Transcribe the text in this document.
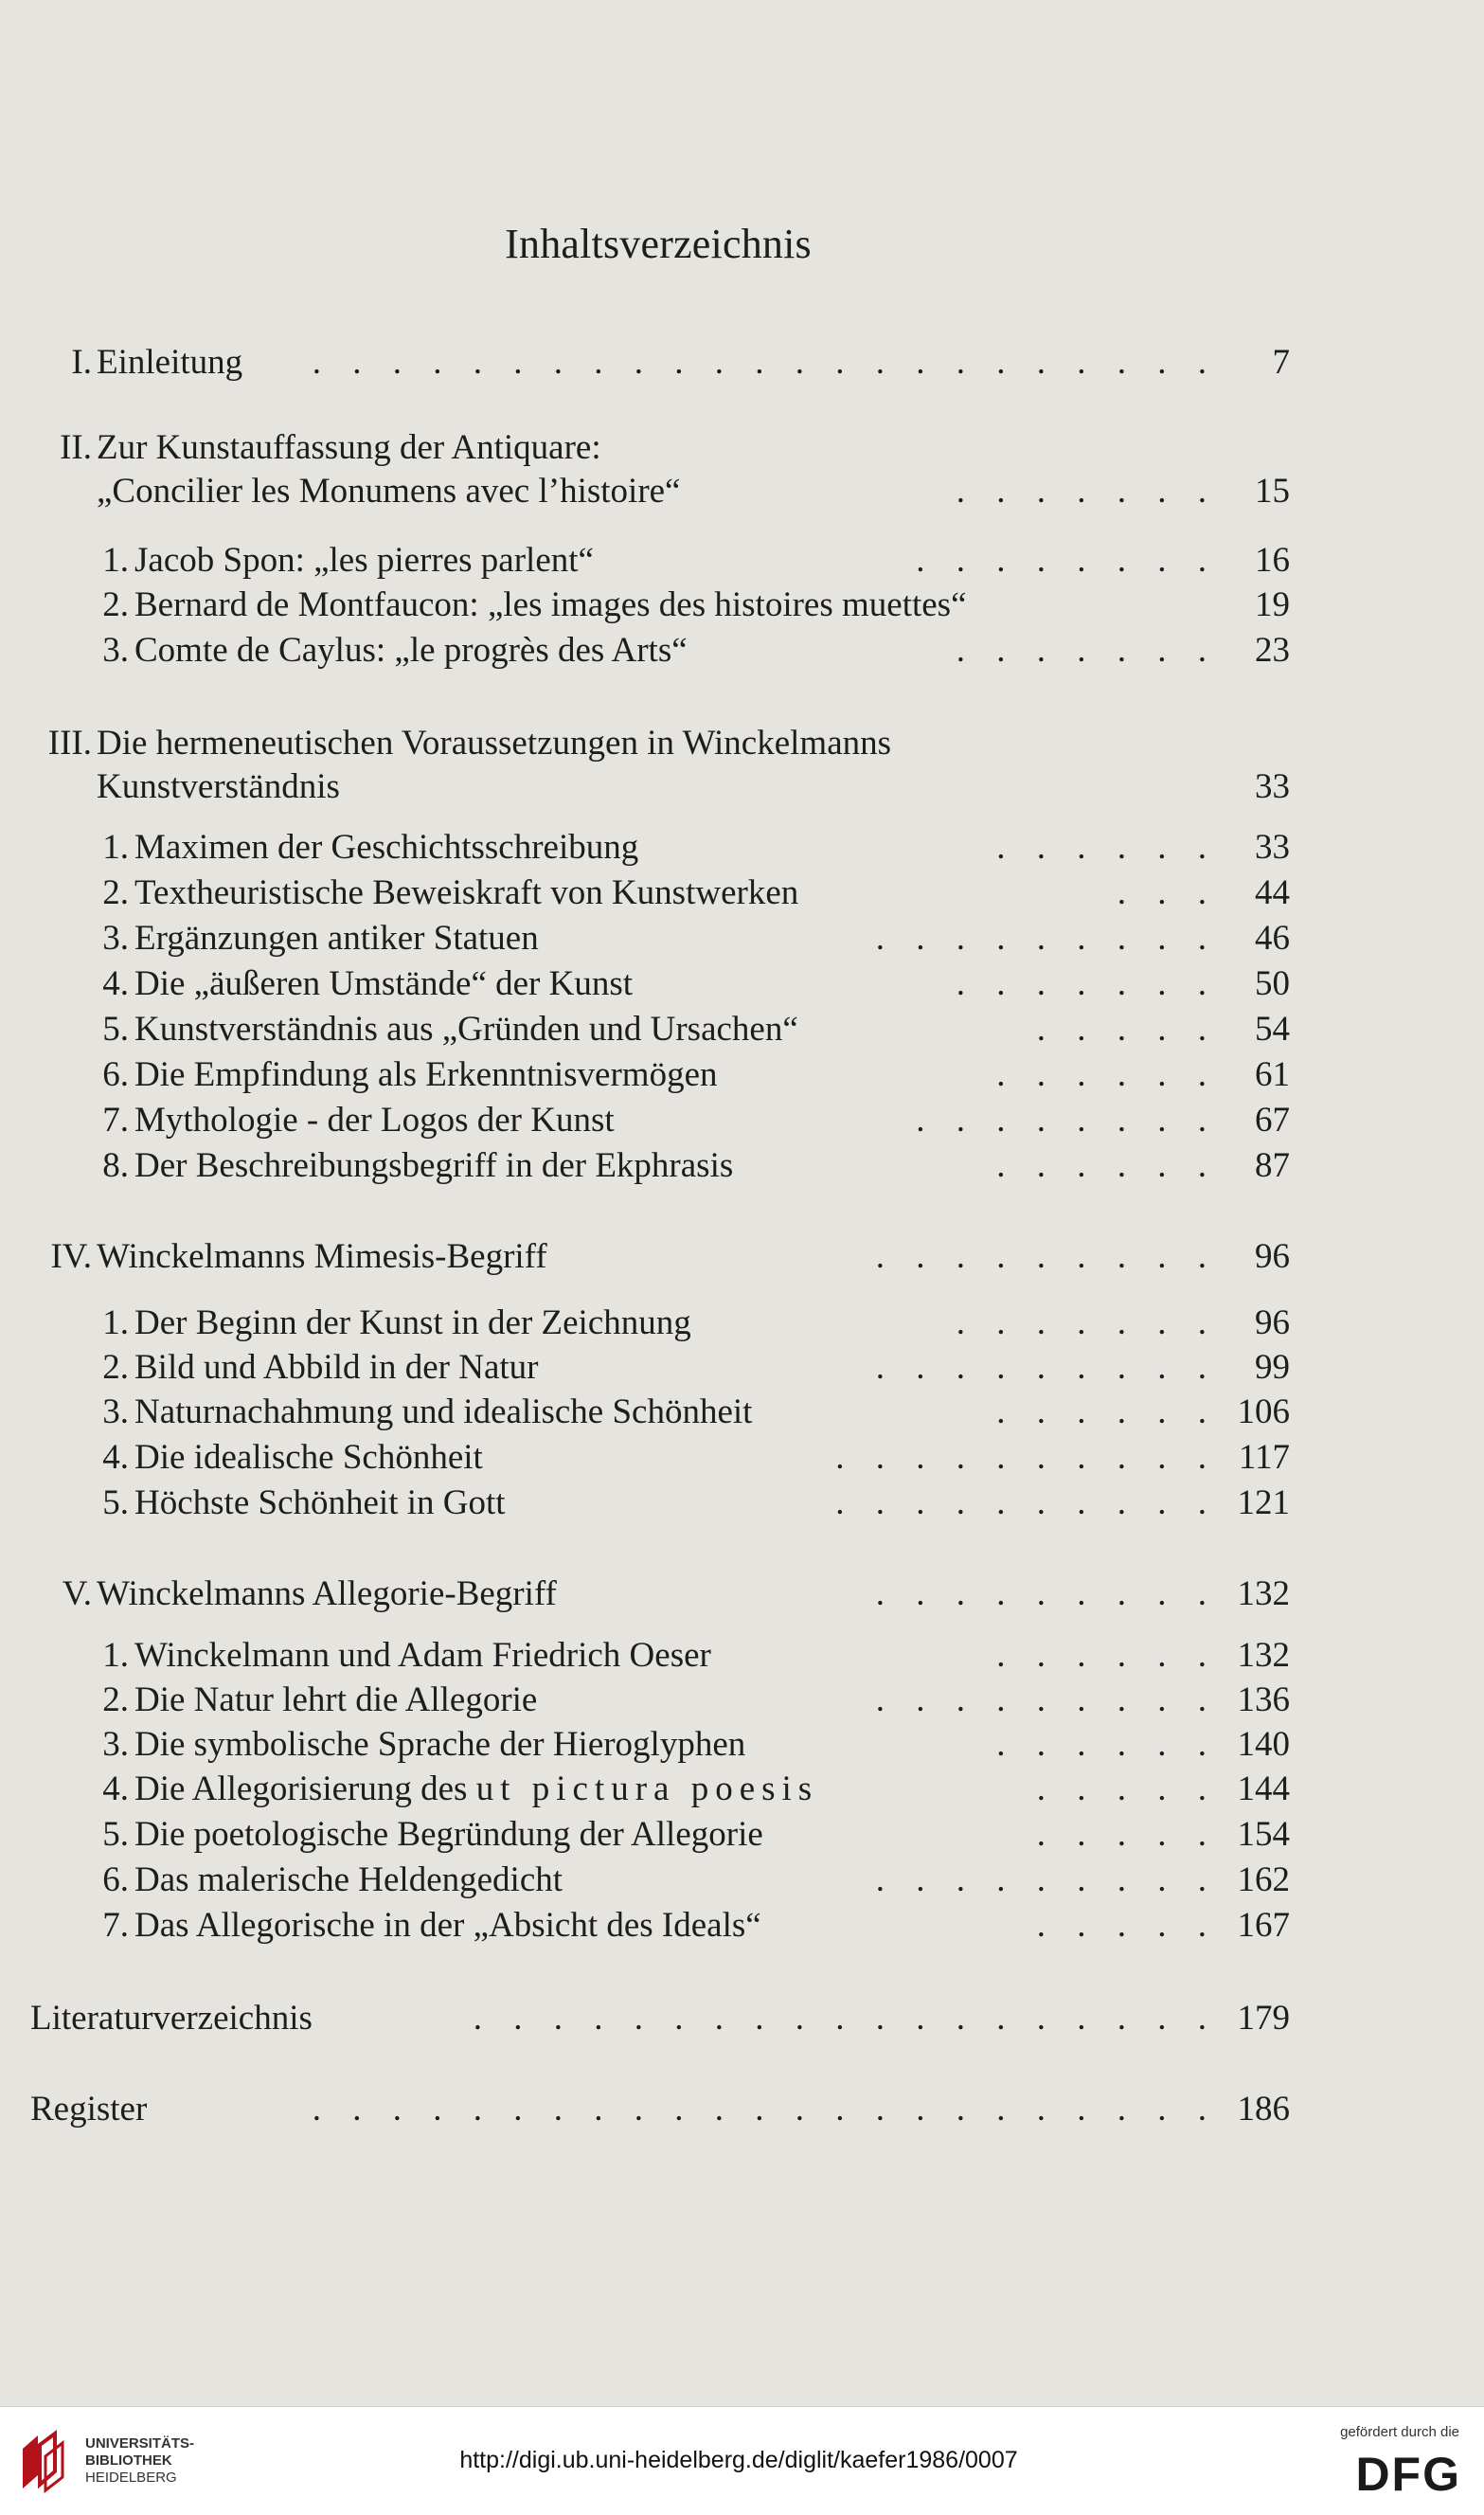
Inhaltsverzeichnis
I. Einleitung . . . . . . . . . . . . . . . . . . . . . . .	7
II. Zur Kunstauffassung der Antiquare:
„Concilier les Monumens avec l’histoire“	. . . . . . .	15
1. Jacob Spon: „les pierres parlent“	. . . . . . . .	16
2. Bernard de Montfaucon: „les images des histoires muettes“	19
3. Comte de Caylus: „le progrès des Arts“	. . . . . . .	23
III. Die hermeneutischen Voraussetzungen in Winckelmanns
Kunstverständnis	33
1. Maximen der Geschichtsschreibung	. . . . . .	33
2. Textheuristische Beweiskraft von Kunstwerken	. . .	44
3. Ergänzungen antiker Statuen	. . . . . . . . .	46
4. Die „äußeren Umstände“ der Kunst	. . . . . . .	50
5. Kunstverständnis aus „Gründen und Ursachen“	. . . . .	54
6. Die Empfindung als Erkenntnisvermögen	. . . . . .	61
7. Mythologie - der Logos der Kunst	. . . . . . . .	67
8. Der Beschreibungsbegriff in der Ekphrasis	. . . . . .	87
IV. Winckelmanns Mimesis-Begriff	. . . . . . . . .	96
1. Der Beginn der Kunst in der Zeichnung	. . . . . . .	96
2. Bild und Abbild in der Natur	. . . . . . . . .	99
3. Naturnachahmung und idealische Schönheit	. . . . . . 106
4. Die idealische Schönheit	. . . . . . . . . . 117
5. Höchste Schönheit in Gott	. . . . . . . . . . 121
V. Winckelmanns Allegorie-Begriff	. . . . . . . . . 132
1. Winckelmann und Adam Friedrich Oeser	. . . . . . 132
2. Die Natur lehrt die Allegorie	. . . . . . . . . 136
3. Die symbolische Sprache der Hieroglyphen	. . . . . . 140
4. Die Allegorisierung des ut pictura poesis	. . . . . 144
5. Die poetologische Begründung der Allegorie	. . . . . 154
6. Das malerische Heldengedicht	. . . . . . . . . 162
7. Das Allegorische in der „Absicht des Ideals“	. . . . . 167
Literaturverzeichnis	. . . . . . . . . . . . . . . . . . . 179
Register	. . . . . . . . . . . . . . . . . . . . . . . 186
UNIVERSITÄTS-
BIBLIOTHEK
HEIDELBERG
http://digi.ub.uni-heidelberg.de/diglit/kaefer1986/0007
gefördert durch die
DFG
